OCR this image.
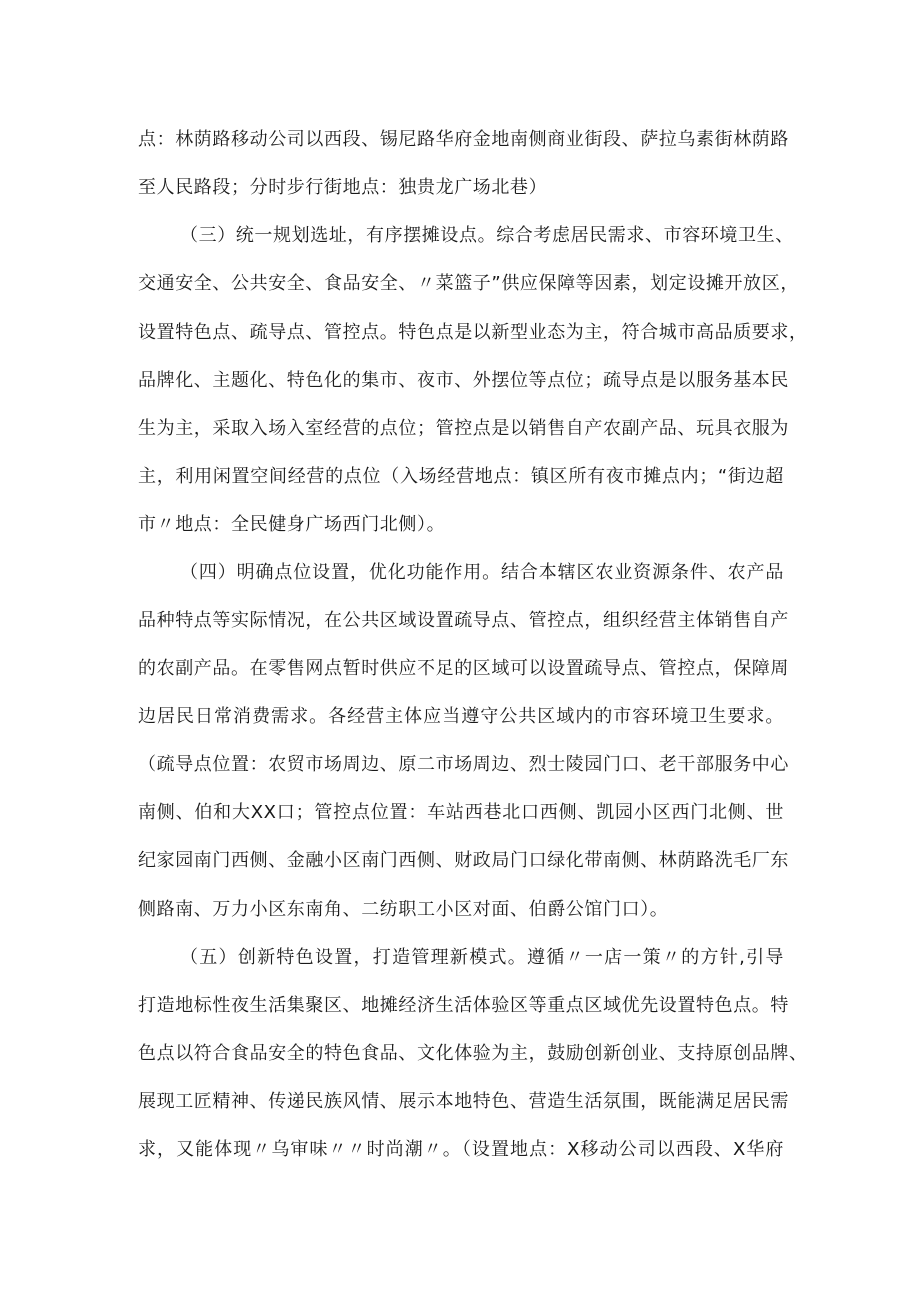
点：林荫路移动公司以西段、锡尼路华府金地南侧商业街段、萨拉乌素街林荫路
至人民路段；分时步行街地点：独贵龙广场北巷）
（三）统一规划选址，有序摆摊设点。综合考虑居民需求、市容环境卫生、
交通安全、公共安全、食品安全、〃菜篮子”供应保障等因素，划定设摊开放区，
设置特色点、疏导点、管控点。特色点是以新型业态为主，符合城市高品质要求，
品牌化、主题化、特色化的集市、夜市、外摆位等点位；疏导点是以服务基本民
生为主，采取入场入室经营的点位；管控点是以销售自产农副产品、玩具衣服为
主，利用闲置空间经营的点位（入场经营地点：镇区所有夜市摊点内；“街边超
市〃地点：全民健身广场西门北侧）。
（四）明确点位设置，优化功能作用。结合本辖区农业资源条件、农产品
品种特点等实际情况，在公共区域设置疏导点、管控点，组织经营主体销售自产
的农副产品。在零售网点暂时供应不足的区域可以设置疏导点、管控点，保障周
边居民日常消费需求。各经营主体应当遵守公共区域内的市容环境卫生要求。
（疏导点位置：农贸市场周边、原二市场周边、烈士陵园门口、老干部服务中心
南侧、伯和大XX口；管控点位置：车站西巷北口西侧、凯园小区西门北侧、世
纪家园南门西侧、金融小区南门西侧、财政局门口绿化带南侧、林荫路洗毛厂东
侧路南、万力小区东南角、二纺职工小区对面、伯爵公馆门口）。
（五）创新特色设置，打造管理新模式。遵循〃一店一策〃的方针,引导
打造地标性夜生活集聚区、地摊经济生活体验区等重点区域优先设置特色点。特
色点以符合食品安全的特色食品、文化体验为主，鼓励创新创业、支持原创品牌、
展现工匠精神、传递民族风情、展示本地特色、营造生活氛围，既能满足居民需
求，又能体现〃乌审味〃〃时尚潮〃。（设置地点：X移动公司以西段、X华府
